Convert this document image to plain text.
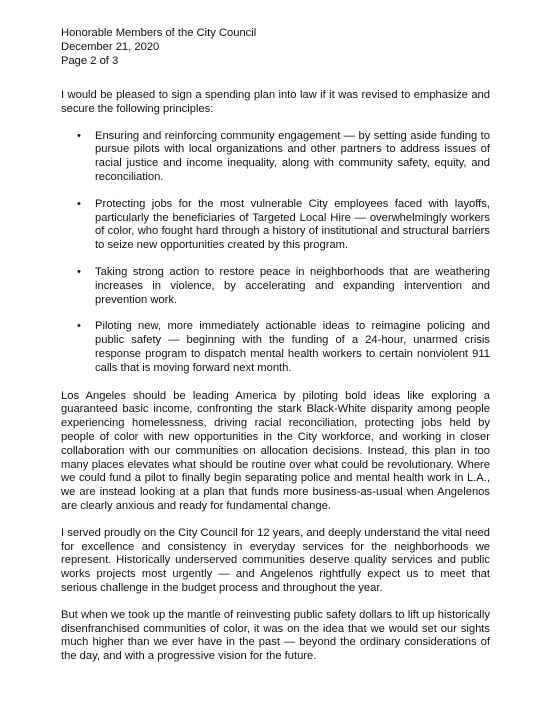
Honorable Members of the City Council
December 21, 2020
Page 2 of 3

I would be pleased to sign a spending plan into law if it was revised to emphasize and secure the following principles:

• Ensuring and reinforcing community engagement — by setting aside funding to pursue pilots with local organizations and other partners to address issues of racial justice and income inequality, along with community safety, equity, and reconciliation.
• Protecting jobs for the most vulnerable City employees faced with layoffs, particularly the beneficiaries of Targeted Local Hire — overwhelmingly workers of color, who fought hard through a history of institutional and structural barriers to seize new opportunities created by this program.
• Taking strong action to restore peace in neighborhoods that are weathering increases in violence, by accelerating and expanding intervention and prevention work.
• Piloting new, more immediately actionable ideas to reimagine policing and public safety — beginning with the funding of a 24-hour, unarmed crisis response program to dispatch mental health workers to certain nonviolent 911 calls that is moving forward next month.

Los Angeles should be leading America by piloting bold ideas like exploring a guaranteed basic income, confronting the stark Black-White disparity among people experiencing homelessness, driving racial reconciliation, protecting jobs held by people of color with new opportunities in the City workforce, and working in closer collaboration with our communities on allocation decisions. Instead, this plan in too many places elevates what should be routine over what could be revolutionary. Where we could fund a pilot to finally begin separating police and mental health work in L.A., we are instead looking at a plan that funds more business-as-usual when Angelenos are clearly anxious and ready for fundamental change.

I served proudly on the City Council for 12 years, and deeply understand the vital need for excellence and consistency in everyday services for the neighborhoods we represent. Historically underserved communities deserve quality services and public works projects most urgently — and Angelenos rightfully expect us to meet that serious challenge in the budget process and throughout the year.

But when we took up the mantle of reinvesting public safety dollars to lift up historically disenfranchised communities of color, it was on the idea that we would set our sights much higher than we ever have in the past — beyond the ordinary considerations of the day, and with a progressive vision for the future.
